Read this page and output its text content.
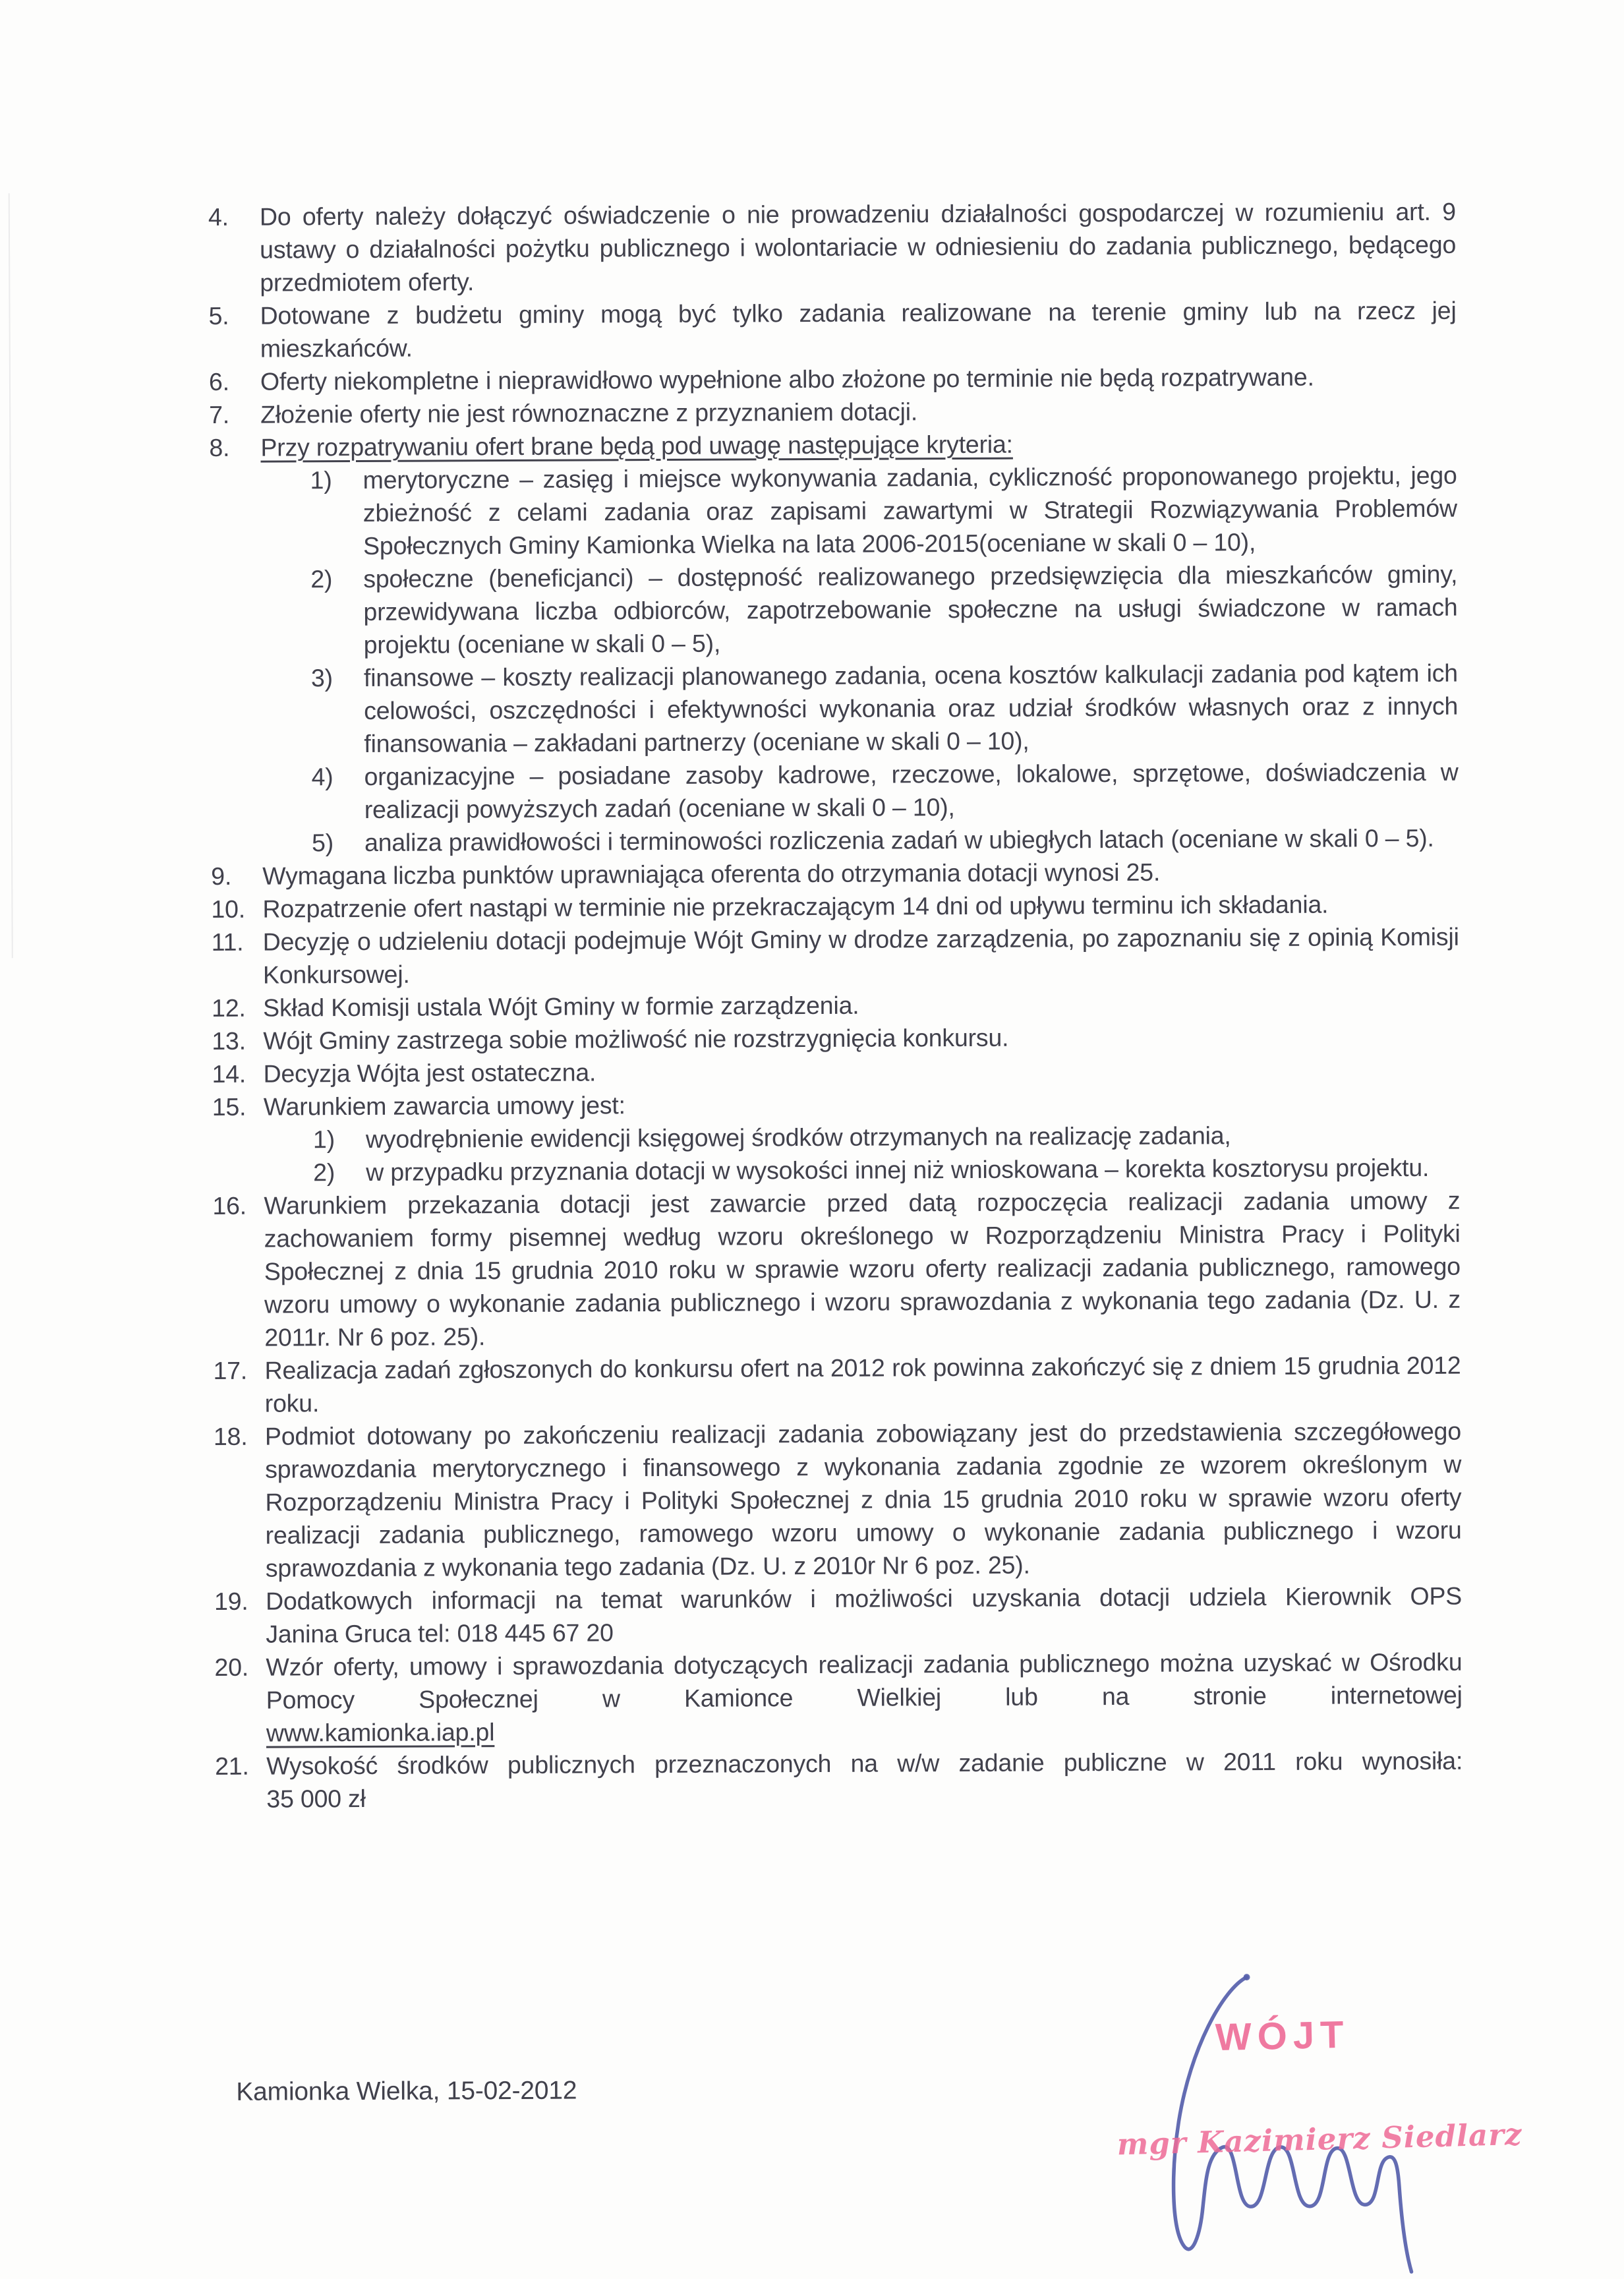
4. Do oferty należy dołączyć oświadczenie o nie prowadzeniu działalności gospodarczej w rozumieniu art. 9 ustawy o działalności pożytku publicznego i wolontariacie w odniesieniu do zadania publicznego, będącego przedmiotem oferty.
5. Dotowane z budżetu gminy mogą być tylko zadania realizowane na terenie gminy lub na rzecz jej mieszkańców.
6. Oferty niekompletne i nieprawidłowo wypełnione albo złożone po terminie nie będą rozpatrywane.
7. Złożenie oferty nie jest równoznaczne z przyznaniem dotacji.
8. Przy rozpatrywaniu ofert brane będą pod uwagę następujące kryteria:
1) merytoryczne – zasięg i miejsce wykonywania zadania, cykliczność proponowanego projektu, jego zbieżność z celami zadania oraz zapisami zawartymi w Strategii Rozwiązywania Problemów Społecznych Gminy Kamionka Wielka na lata 2006-2015(oceniane w skali 0 – 10),
2) społeczne (beneficjanci) – dostępność realizowanego przedsięwzięcia dla mieszkańców gminy, przewidywana liczba odbiorców, zapotrzebowanie społeczne na usługi świadczone w ramach projektu (oceniane w skali 0 – 5),
3) finansowe – koszty realizacji planowanego zadania, ocena kosztów kalkulacji zadania pod kątem ich celowości, oszczędności i efektywności wykonania oraz udział środków własnych oraz z innych finansowania – zakładani partnerzy (oceniane w skali 0 – 10),
4) organizacyjne – posiadane zasoby kadrowe, rzeczowe, lokalowe, sprzętowe, doświadczenia w realizacji powyższych zadań (oceniane w skali 0 – 10),
5) analiza prawidłowości i terminowości rozliczenia zadań w ubiegłych latach (oceniane w skali 0 – 5).
9. Wymagana liczba punktów uprawniająca oferenta do otrzymania dotacji wynosi 25.
10. Rozpatrzenie ofert nastąpi w terminie nie przekraczającym 14 dni od upływu terminu ich składania.
11. Decyzję o udzieleniu dotacji podejmuje Wójt Gminy w drodze zarządzenia, po zapoznaniu się z opinią Komisji Konkursowej.
12. Skład Komisji ustala Wójt Gminy w formie zarządzenia.
13. Wójt Gminy zastrzega sobie możliwość nie rozstrzygnięcia konkursu.
14. Decyzja Wójta jest ostateczna.
15. Warunkiem zawarcia umowy jest:
1) wyodrębnienie ewidencji księgowej środków otrzymanych na realizację zadania,
2) w przypadku przyznania dotacji w wysokości innej niż wnioskowana – korekta kosztorysu projektu.
16. Warunkiem przekazania dotacji jest zawarcie przed datą rozpoczęcia realizacji zadania umowy z zachowaniem formy pisemnej według wzoru określonego w Rozporządzeniu Ministra Pracy i Polityki Społecznej z dnia 15 grudnia 2010 roku w sprawie wzoru oferty realizacji zadania publicznego, ramowego wzoru umowy o wykonanie zadania publicznego i wzoru sprawozdania z wykonania tego zadania (Dz. U. z 2011r. Nr 6 poz. 25).
17. Realizacja zadań zgłoszonych do konkursu ofert na 2012 rok powinna zakończyć się z dniem 15 grudnia 2012 roku.
18. Podmiot dotowany po zakończeniu realizacji zadania zobowiązany jest do przedstawienia szczegółowego sprawozdania merytorycznego i finansowego z wykonania zadania zgodnie ze wzorem określonym w Rozporządzeniu Ministra Pracy i Polityki Społecznej z dnia 15 grudnia 2010 roku w sprawie wzoru oferty realizacji zadania publicznego, ramowego wzoru umowy o wykonanie zadania publicznego i wzoru sprawozdania z wykonania tego zadania (Dz. U. z 2010r Nr 6 poz. 25).
19. Dodatkowych informacji na temat warunków i możliwości uzyskania dotacji udziela Kierownik OPS
Janina Gruca tel: 018 445 67 20
20. Wzór oferty, umowy i sprawozdania dotyczących realizacji zadania publicznego można uzyskać w Ośrodku Pomocy Społecznej w Kamionce Wielkiej lub na stronie internetowej
www.kamionka.iap.pl
21. Wysokość środków publicznych przeznaczonych na w/w zadanie publiczne w 2011 roku wynosiła:
35 000 zł
Kamionka Wielka, 15-02-2012
WÓJT
mgr Kazimierz Siedlarz
